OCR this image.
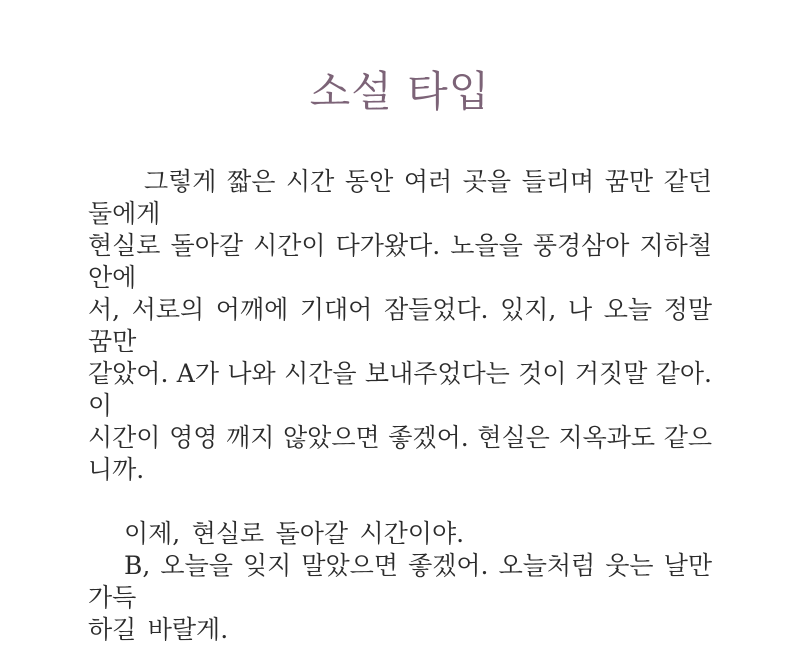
소설 타입
그렇게 짧은 시간 동안 여러 곳을 들리며 꿈만 같던 둘에게
현실로 돌아갈 시간이 다가왔다. 노을을 풍경삼아 지하철 안에
서, 서로의 어깨에 기대어 잠들었다. 있지, 나 오늘 정말 꿈만
같았어. A가 나와 시간을 보내주었다는 것이 거짓말 같아. 이
시간이 영영 깨지 않았으면 좋겠어. 현실은 지옥과도 같으니까.
이제, 현실로 돌아갈 시간이야.
B, 오늘을 잊지 말았으면 좋겠어. 오늘처럼 웃는 날만 가득
하길 바랄게.
